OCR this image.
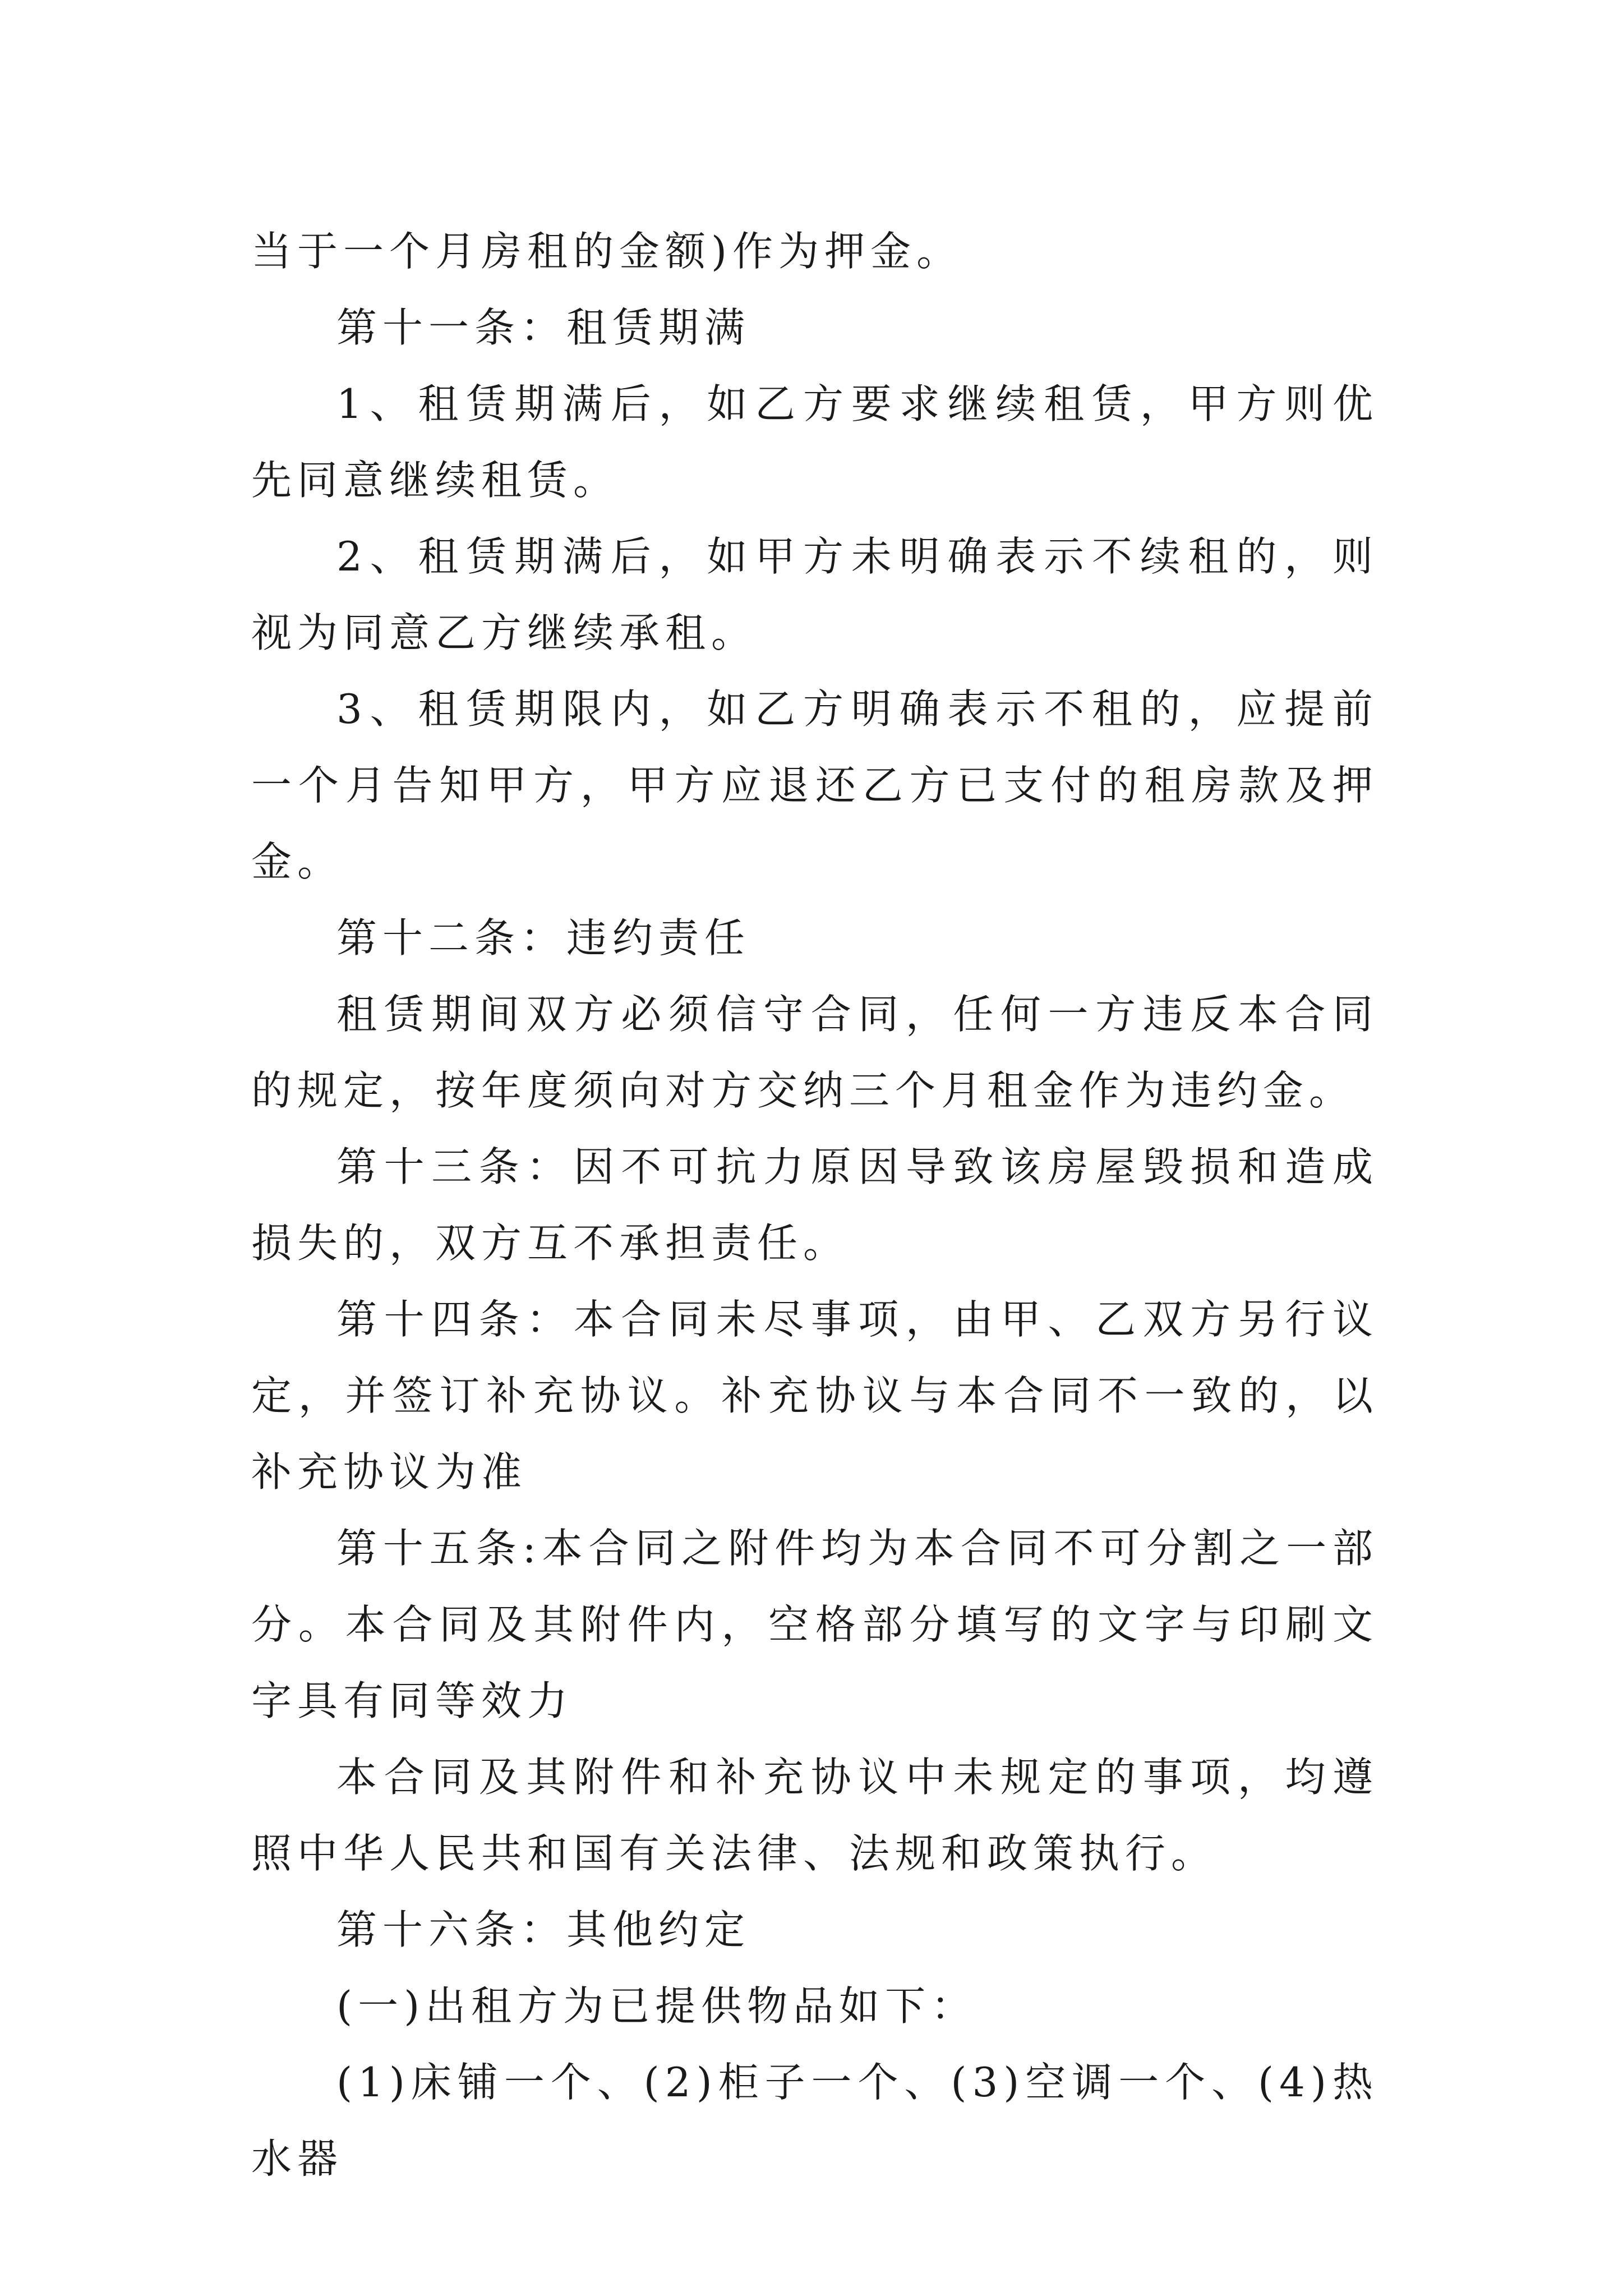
当于一个月房租的金额)作为押金。

第十一条：租赁期满

1、租赁期满后，如乙方要求继续租赁，甲方则优先同意继续租赁。

2、租赁期满后，如甲方未明确表示不续租的，则视为同意乙方继续承租。

3、租赁期限内，如乙方明确表示不租的，应提前一个月告知甲方，甲方应退还乙方已支付的租房款及押金。

第十二条：违约责任

租赁期间双方必须信守合同，任何一方违反本合同的规定，按年度须向对方交纳三个月租金作为违约金。

第十三条：因不可抗力原因导致该房屋毁损和造成损失的，双方互不承担责任。

第十四条：本合同未尽事项，由甲、乙双方另行议定，并签订补充协议。补充协议与本合同不一致的，以补充协议为准

第十五条:本合同之附件均为本合同不可分割之一部分。本合同及其附件内，空格部分填写的文字与印刷文字具有同等效力

本合同及其附件和补充协议中未规定的事项，均遵照中华人民共和国有关法律、法规和政策执行。

第十六条：其他约定

(一)出租方为已提供物品如下：

(1)床铺一个、(2)柜子一个、(3)空调一个、(4)热水器
